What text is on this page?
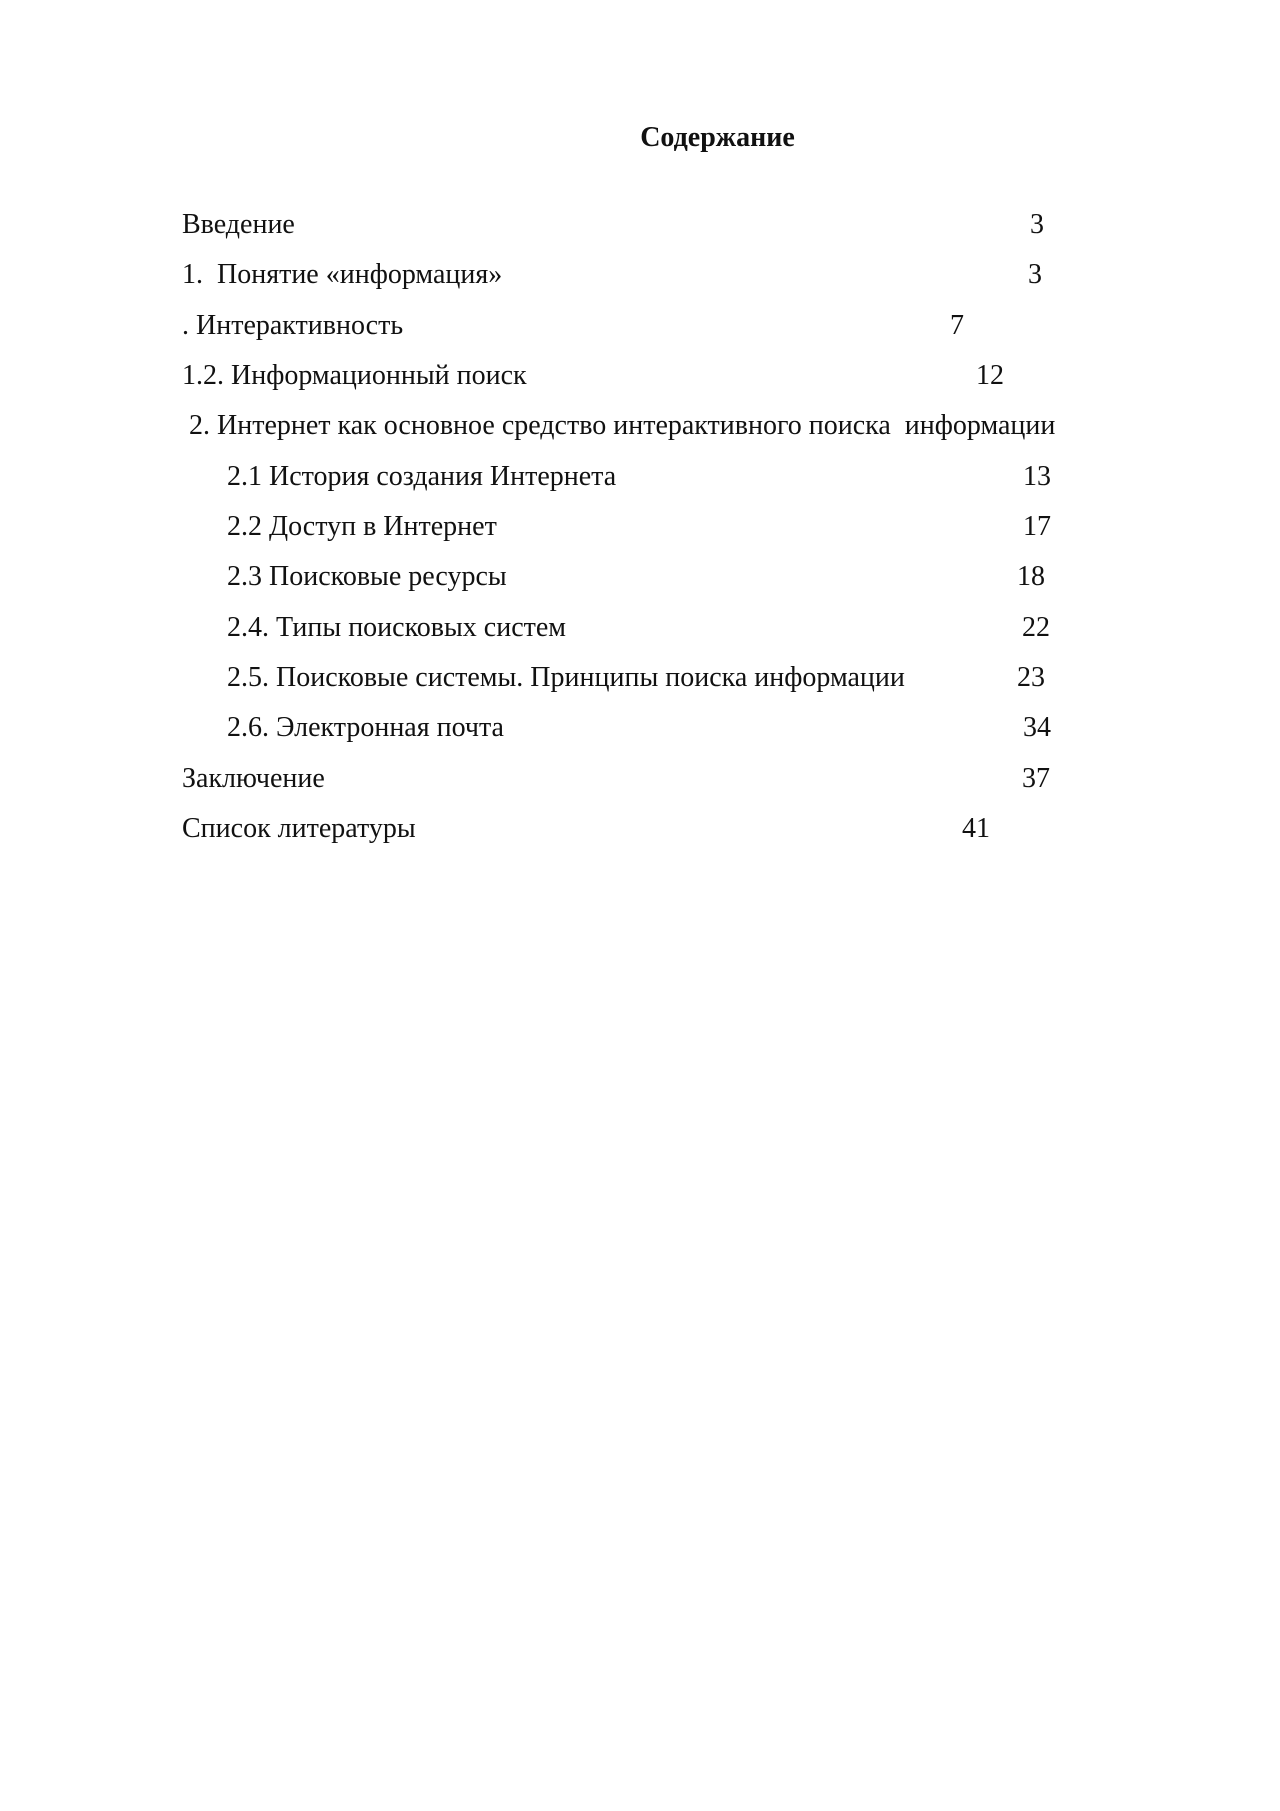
Содержание
Введение	3
1.  Понятие «информация»	3
. Интерактивность	7
1.2. Информационный поиск	12
2. Интернет как основное средство интерактивного поиска  информации
2.1 История создания Интернета	13
2.2 Доступ в Интернет	17
2.3 Поисковые ресурсы	18
2.4. Типы поисковых систем	22
2.5. Поисковые системы. Принципы поиска информации	23
2.6. Электронная почта	34
Заключение	37
Список литературы	41
